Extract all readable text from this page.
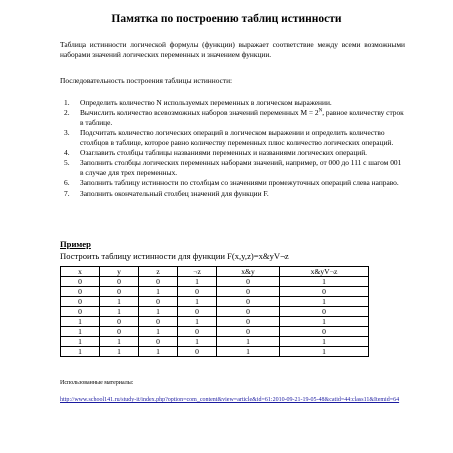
Памятка по построению таблиц истинности
Таблица истинности логической формулы (функции) выражает соответствие между всеми возможными наборами значений логических переменных и значением функции.
Последовательность построения таблицы истинности:
1.	Определить количество N используемых переменных в логическом выражении.
2.	Вычислить количество всевозможных наборов значений переменных $M = 2^N$, равное количеству строк в таблице.
3.	Подсчитать количество логических операций в логическом выражении и определить количество столбцов в таблице, которое равно количеству переменных плюс количество логических операций.
4.	Озаглавить столбцы таблицы названиями переменных и названиями логических операций.
5.	Заполнить столбцы логических переменных наборами значений, например, от 000 до 111 с шагом 001 в случае для трех переменных.
6.	Заполнить таблицу истинности по столбцам со значениями промежуточных операций слева направо.
7.	Заполнить окончательный столбец значений для функции F.
Пример
Построить таблицу истинности для функции F(x,y,z)=x&yV¬z
x	y	z	¬z	x&y	x&yV¬z
0	0	0	1	0	1
0	0	1	0	0	0
0	1	0	1	0	1
0	1	1	0	0	0
1	0	0	1	0	1
1	0	1	0	0	0
1	1	0	1	1	1
1	1	1	0	1	1
Использованные материалы:
http://www.school141.ru/study-it/index.php?option=com_content&view=article&id=61:2010-09-21-19-05-48&catid=44:class11&Itemid=64
